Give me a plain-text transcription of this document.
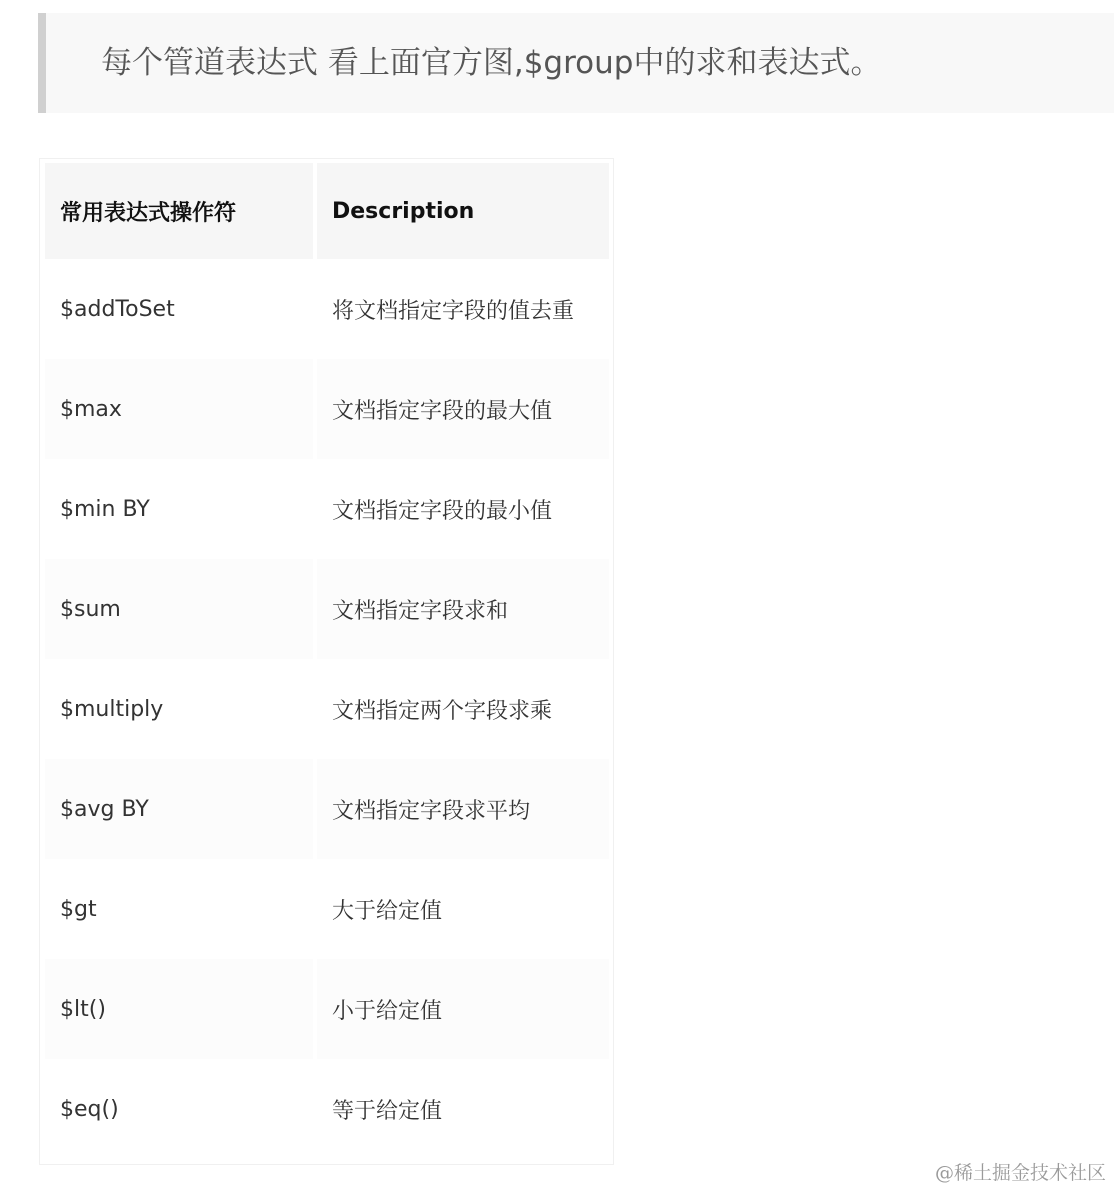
每个管道表达式 看上面官方图,$group中的求和表达式。
常用表达式操作符	Description
$addToSet	将文档指定字段的值去重
$max	文档指定字段的最大值
$min BY	文档指定字段的最小值
$sum	文档指定字段求和
$multiply	文档指定两个字段求乘
$avg BY	文档指定字段求平均
$gt	大于给定值
$lt()	小于给定值
$eq()	等于给定值
@稀土掘金技术社区
